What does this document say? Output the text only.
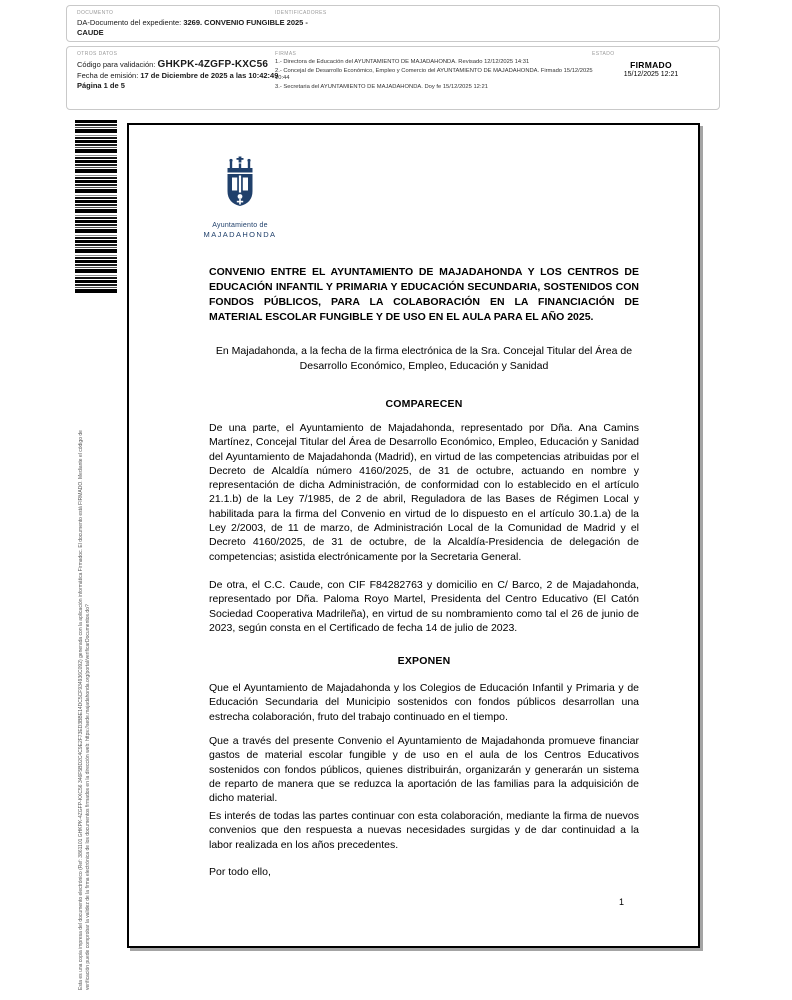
DOCUMENTO	IDENTIFICADORES
DA-Documento del expediente: 3269. CONVENIO FUNGIBLE 2025 - CAUDE
OTROS DATOS	FIRMAS	ESTADO
Código para validación: GHKPK-4ZGFP-KXC56
Fecha de emisión: 17 de Diciembre de 2025 a las 10:42:49
Página 1 de 5
1.- Directora de Educación del AYUNTAMIENTO DE MAJADAHONDA. Revisado 12/12/2025 14:31
2.- Concejal de Desarrollo Económico, Empleo y Comercio del AYUNTAMIENTO DE MAJADAHONDA. Firmado 15/12/2025 10:44
3.- Secretaria del AYUNTAMIENTO DE MAJADAHONDA. Doy fe 15/12/2025 12:21
FIRMADO
15/12/2025 12:21
Esta es una copia impresa del documento electrónico (Ref: 3861101 GHKPK-4ZGFP-KXC56 346F5BD2C4C9E2F73ED3BBE14DC5CF934936C092) generada con la aplicación informática Firmadoc. El documento está FIRMADO. Mediante el código de verificación puede comprobar la validez de la firma electrónica de los documentos firmados en la dirección web: https://sede.majadahonda.org/portal/verificarDocumentos.do?
Ayuntamiento de
MAJADAHONDA
CONVENIO ENTRE EL AYUNTAMIENTO DE MAJADAHONDA Y LOS CENTROS DE EDUCACIÓN INFANTIL Y PRIMARIA Y EDUCACIÓN SECUNDARIA, SOSTENIDOS CON FONDOS PÚBLICOS, PARA LA COLABORACIÓN EN LA FINANCIACIÓN DE MATERIAL ESCOLAR FUNGIBLE Y DE USO EN EL AULA PARA EL AÑO 2025.
En Majadahonda, a la fecha de la firma electrónica de la Sra. Concejal Titular del Área de Desarrollo Económico, Empleo, Educación y Sanidad
COMPARECEN
De una parte, el Ayuntamiento de Majadahonda, representado por Dña. Ana Camins Martínez, Concejal Titular del Área de Desarrollo Económico, Empleo, Educación y Sanidad del Ayuntamiento de Majadahonda (Madrid), en virtud de las competencias atribuidas por el Decreto de Alcaldía número 4160/2025, de 31 de octubre, actuando en nombre y representación de dicha Administración, de conformidad con lo establecido en el artículo 21.1.b) de la Ley 7/1985, de 2 de abril, Reguladora de las Bases de Régimen Local y habilitada para la firma del Convenio en virtud de lo dispuesto en el artículo 30.1.a) de la Ley 2/2003, de 11 de marzo, de Administración Local de la Comunidad de Madrid y el Decreto 4160/2025, de 31 de octubre, de la Alcaldía-Presidencia de delegación de competencias; asistida electrónicamente por la Secretaria General.
De otra, el C.C. Caude, con CIF F84282763 y domicilio en C/ Barco, 2 de Majadahonda, representado por Dña. Paloma Royo Martel, Presidenta del Centro Educativo (El Catón Sociedad Cooperativa Madrileña), en virtud de su nombramiento como tal el 26 de junio de 2023, según consta en el Certificado de fecha 14 de julio de 2023.
EXPONEN
Que el Ayuntamiento de Majadahonda y los Colegios de Educación Infantil y Primaria y de Educación Secundaria del Municipio sostenidos con fondos públicos desarrollan una estrecha colaboración, fruto del trabajo continuado en el tiempo.
Que a través del presente Convenio el Ayuntamiento de Majadahonda promueve financiar gastos de material escolar fungible y de uso en el aula de los Centros Educativos sostenidos con fondos públicos, quienes distribuirán, organizarán y generarán un sistema de reparto de manera que se reduzca la aportación de las familias para la adquisición de dicho material.
Es interés de todas las partes continuar con esta colaboración, mediante la firma de nuevos convenios que den respuesta a nuevas necesidades surgidas y de dar continuidad a la labor realizada en los años precedentes.
Por todo ello,
1
